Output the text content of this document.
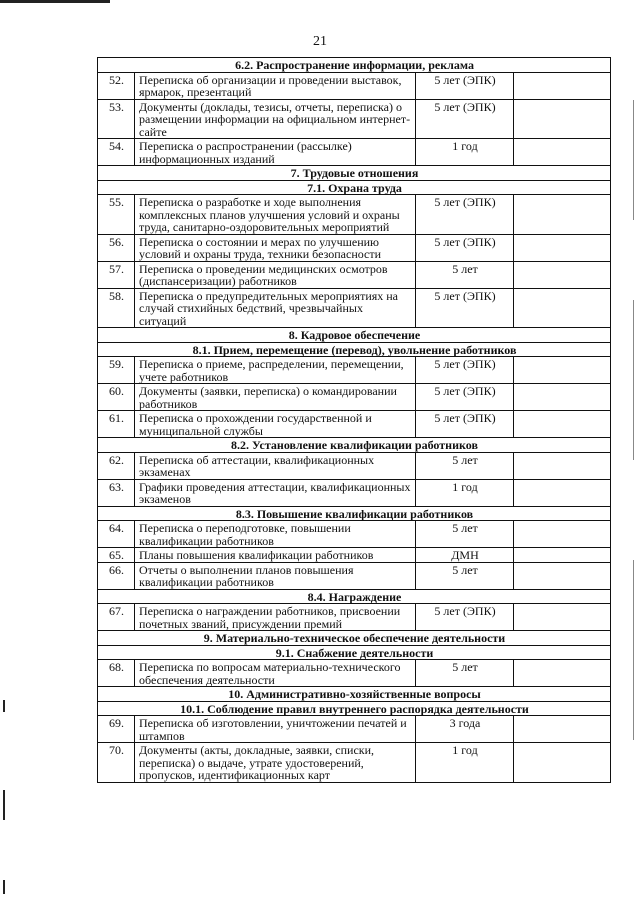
21
6.2. Распространение информации, реклама			
52.	Переписка об организации и проведении выставок, ярмарок, презентаций	5 лет (ЭПК)	
53.	Документы (доклады, тезисы, отчеты, переписка) о размещении информации на официальном интернет-сайте	5 лет (ЭПК)	
54.	Переписка о распространении (рассылке) информационных изданий	1 год	
7. Трудовые отношения			
7.1. Охрана труда			
55.	Переписка о разработке и ходе выполнения комплексных планов улучшения условий и охраны труда, санитарно-оздоровительных мероприятий	5 лет (ЭПК)	
56.	Переписка о состоянии и мерах по улучшению условий и охраны труда, техники безопасности	5 лет (ЭПК)	
57.	Переписка о проведении медицинских осмотров (диспансеризации) работников	5 лет	
58.	Переписка о предупредительных мероприятиях на случай стихийных бедствий, чрезвычайных ситуаций	5 лет (ЭПК)	
8. Кадровое обеспечение			
8.1. Прием, перемещение (перевод), увольнение работников			
59.	Переписка о приеме, распределении, перемещении, учете работников	5 лет (ЭПК)	
60.	Документы (заявки, переписка) о командировании работников	5 лет (ЭПК)	
61.	Переписка о прохождении государственной и муниципальной службы	5 лет (ЭПК)	
8.2. Установление квалификации работников			
62.	Переписка об аттестации, квалификационных экзаменах	5 лет	
63.	Графики проведения аттестации, квалификационных экзаменов	1 год	
8.3. Повышение квалификации работников			
64.	Переписка о переподготовке, повышении квалификации работников	5 лет	
65.	Планы повышения квалификации работников	ДМН	
66.	Отчеты о выполнении планов повышения квалификации работников	5 лет	
8.4. Награждение			
67.	Переписка о награждении работников, присвоении почетных званий, присуждении премий	5 лет (ЭПК)	
9. Материально-техническое обеспечение деятельности			
9.1. Снабжение деятельности			
68.	Переписка по вопросам материально-технического обеспечения деятельности	5 лет	
10. Административно-хозяйственные вопросы			
10.1. Соблюдение правил внутреннего распорядка деятельности			
69.	Переписка об изготовлении, уничтожении печатей и штампов	3 года	
70.	Документы (акты, докладные, заявки, списки, переписка) о выдаче, утрате удостоверений, пропусков, идентификационных карт	1 год	
